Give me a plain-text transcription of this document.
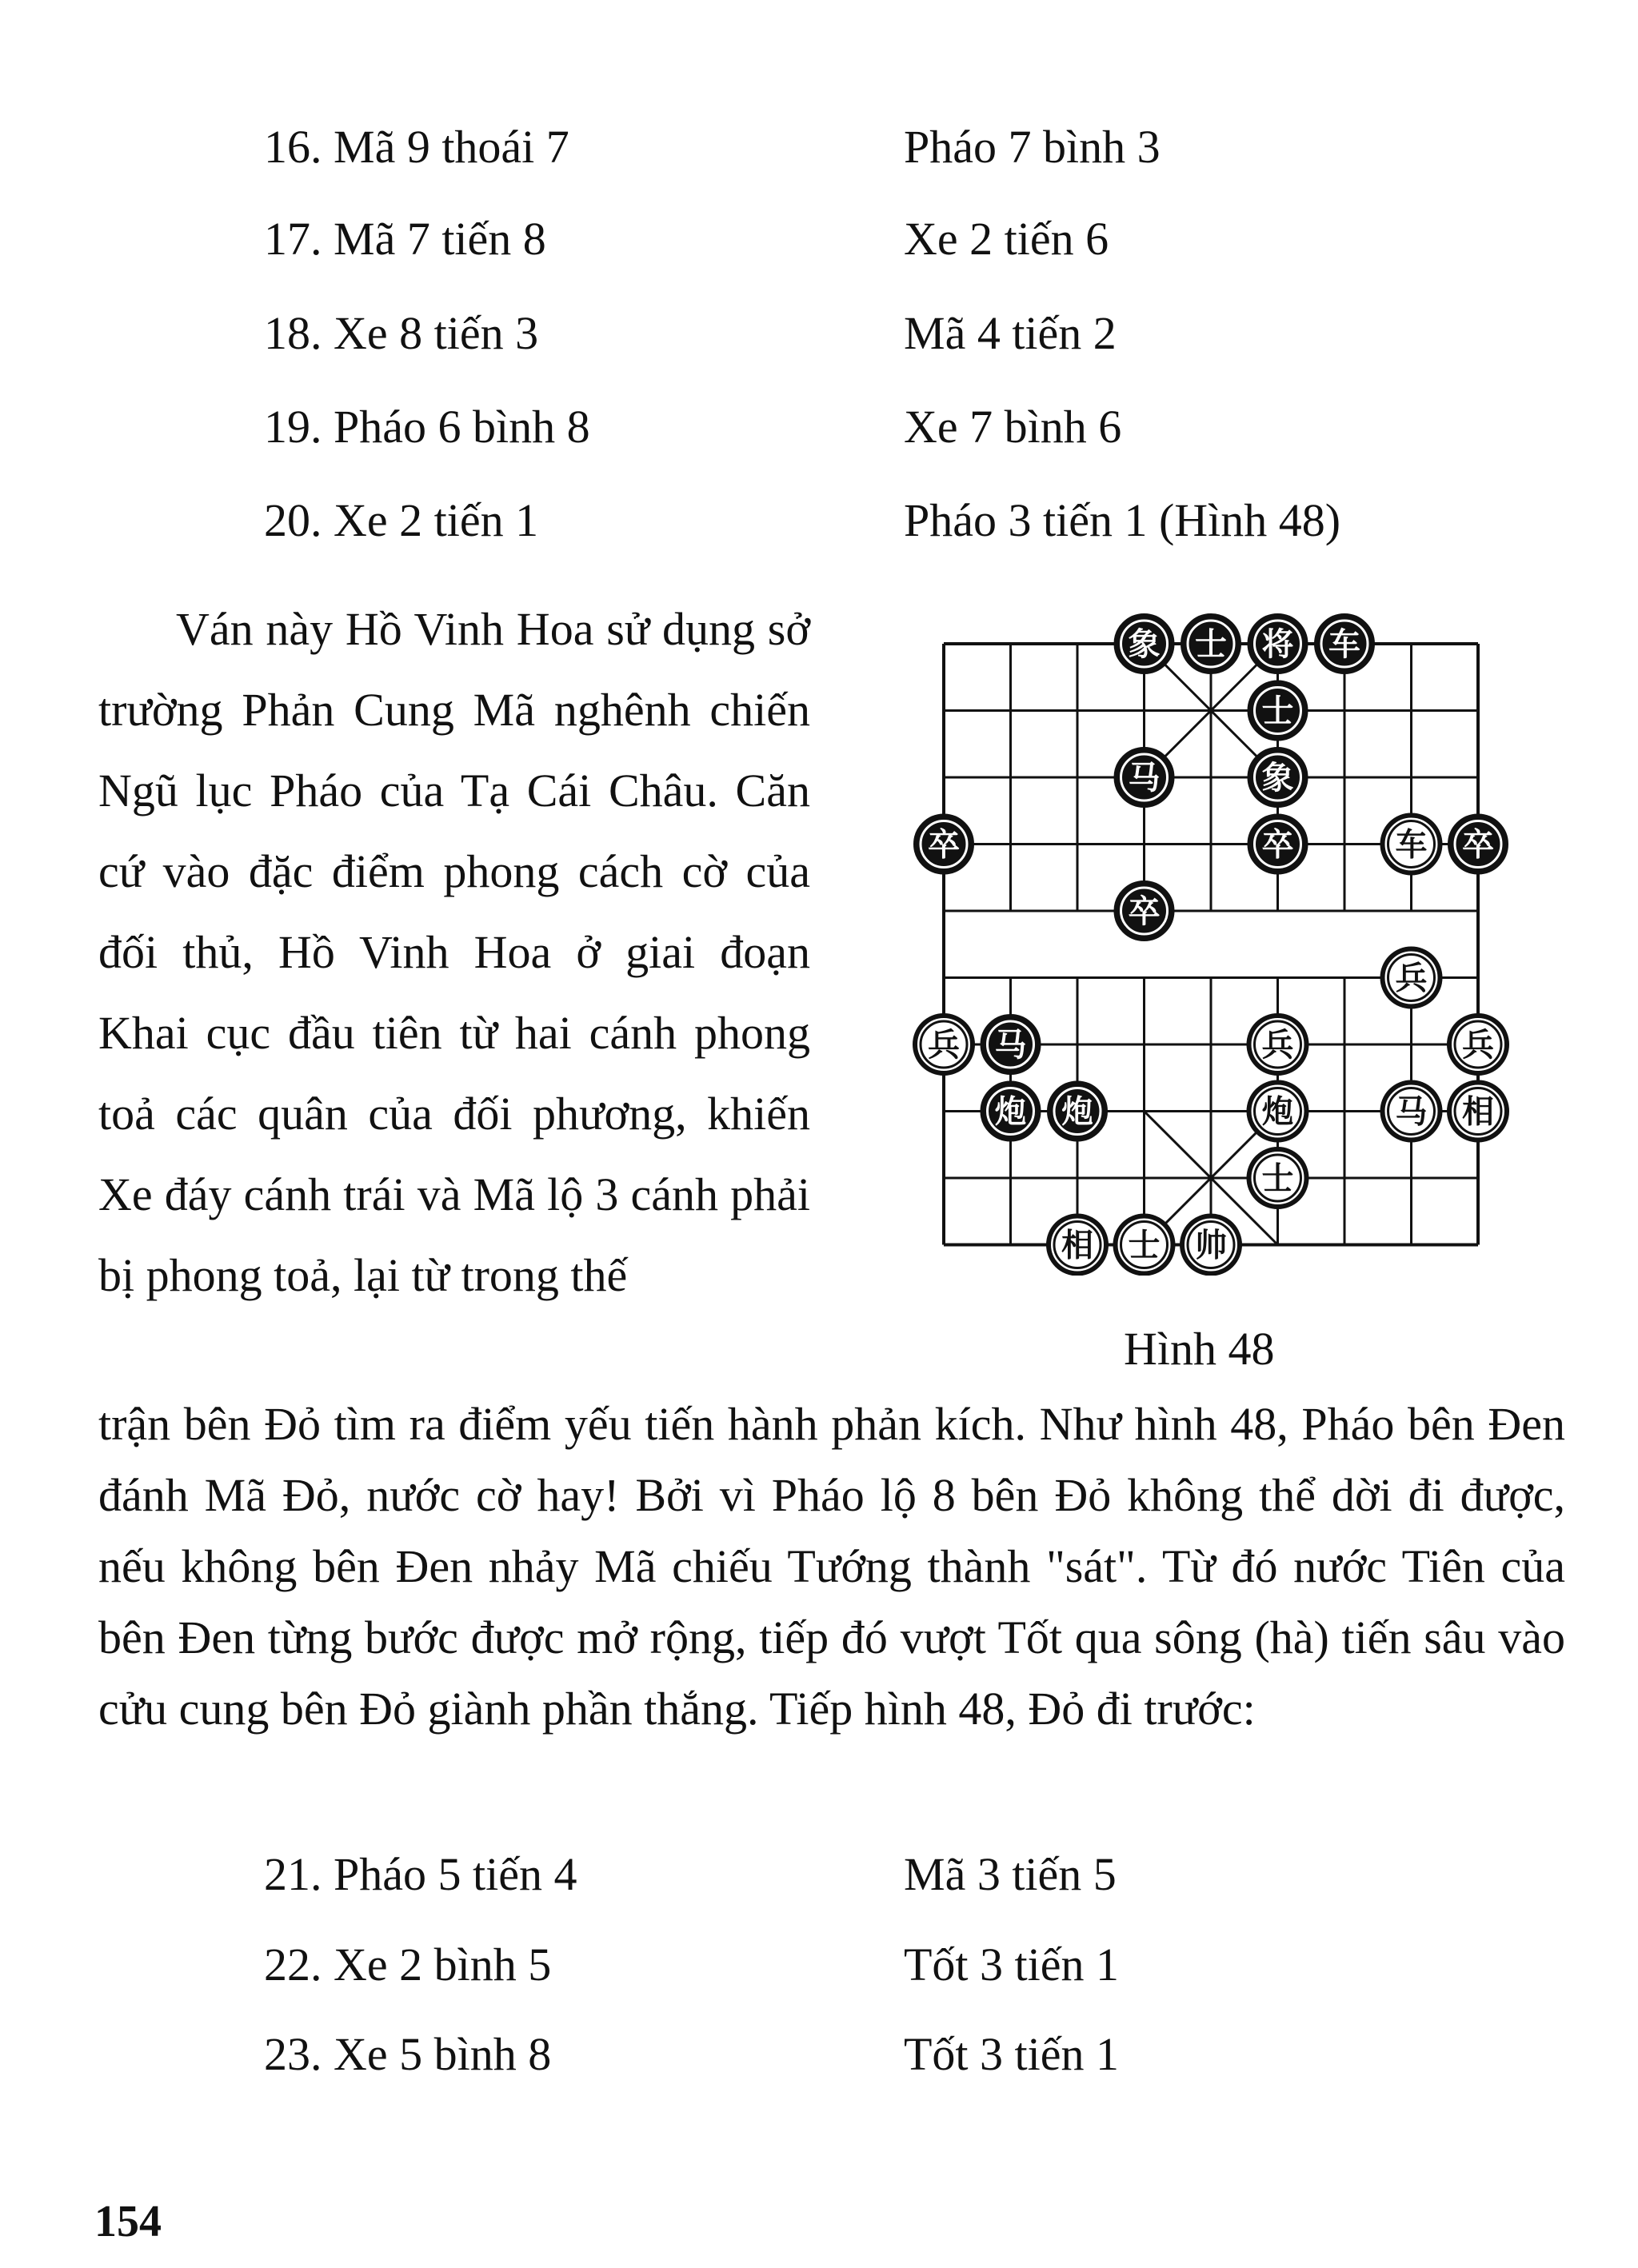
16. Mã 9 thoái 7	Pháo 7 bình 3
17. Mã 7 tiến 8	Xe 2 tiến 6
18. Xe 8 tiến 3	Mã 4 tiến 2
19. Pháo 6 bình 8	Xe 7 bình 6
20. Xe 2 tiến 1	Pháo 3 tiến 1 (Hình 48)

Ván này Hồ Vinh Hoa sử dụng sở trường Phản Cung Mã nghênh chiến Ngũ lục Pháo của Tạ Cái Châu. Căn cứ vào đặc điểm phong cách cờ của đối thủ, Hồ Vinh Hoa ở giai đoạn Khai cục đầu tiên từ hai cánh phong toả các quân của đối phương, khiến Xe đáy cánh trái và Mã lộ 3 cánh phải bị phong toả, lại từ trong thế

象 士 将 车
士
马	象
卒	卒	车 卒
卒
兵
兵 马	兵	兵
炮 炮	炮	马 相
士
相 士 帅
Hình 48

trận bên Đỏ tìm ra điểm yếu tiến hành phản kích. Như hình 48, Pháo bên Đen đánh Mã Đỏ, nước cờ hay! Bởi vì Pháo lộ 8 bên Đỏ không thể dời đi được, nếu không bên Đen nhảy Mã chiếu Tướng thành "sát". Từ đó nước Tiên của bên Đen từng bước được mở rộng, tiếp đó vượt Tốt qua sông (hà) tiến sâu vào cửu cung bên Đỏ giành phần thắng. Tiếp hình 48, Đỏ đi trước:

21. Pháo 5 tiến 4	Mã 3 tiến 5
22. Xe 2 bình 5	Tốt 3 tiến 1
23. Xe 5 bình 8	Tốt 3 tiến 1
154
